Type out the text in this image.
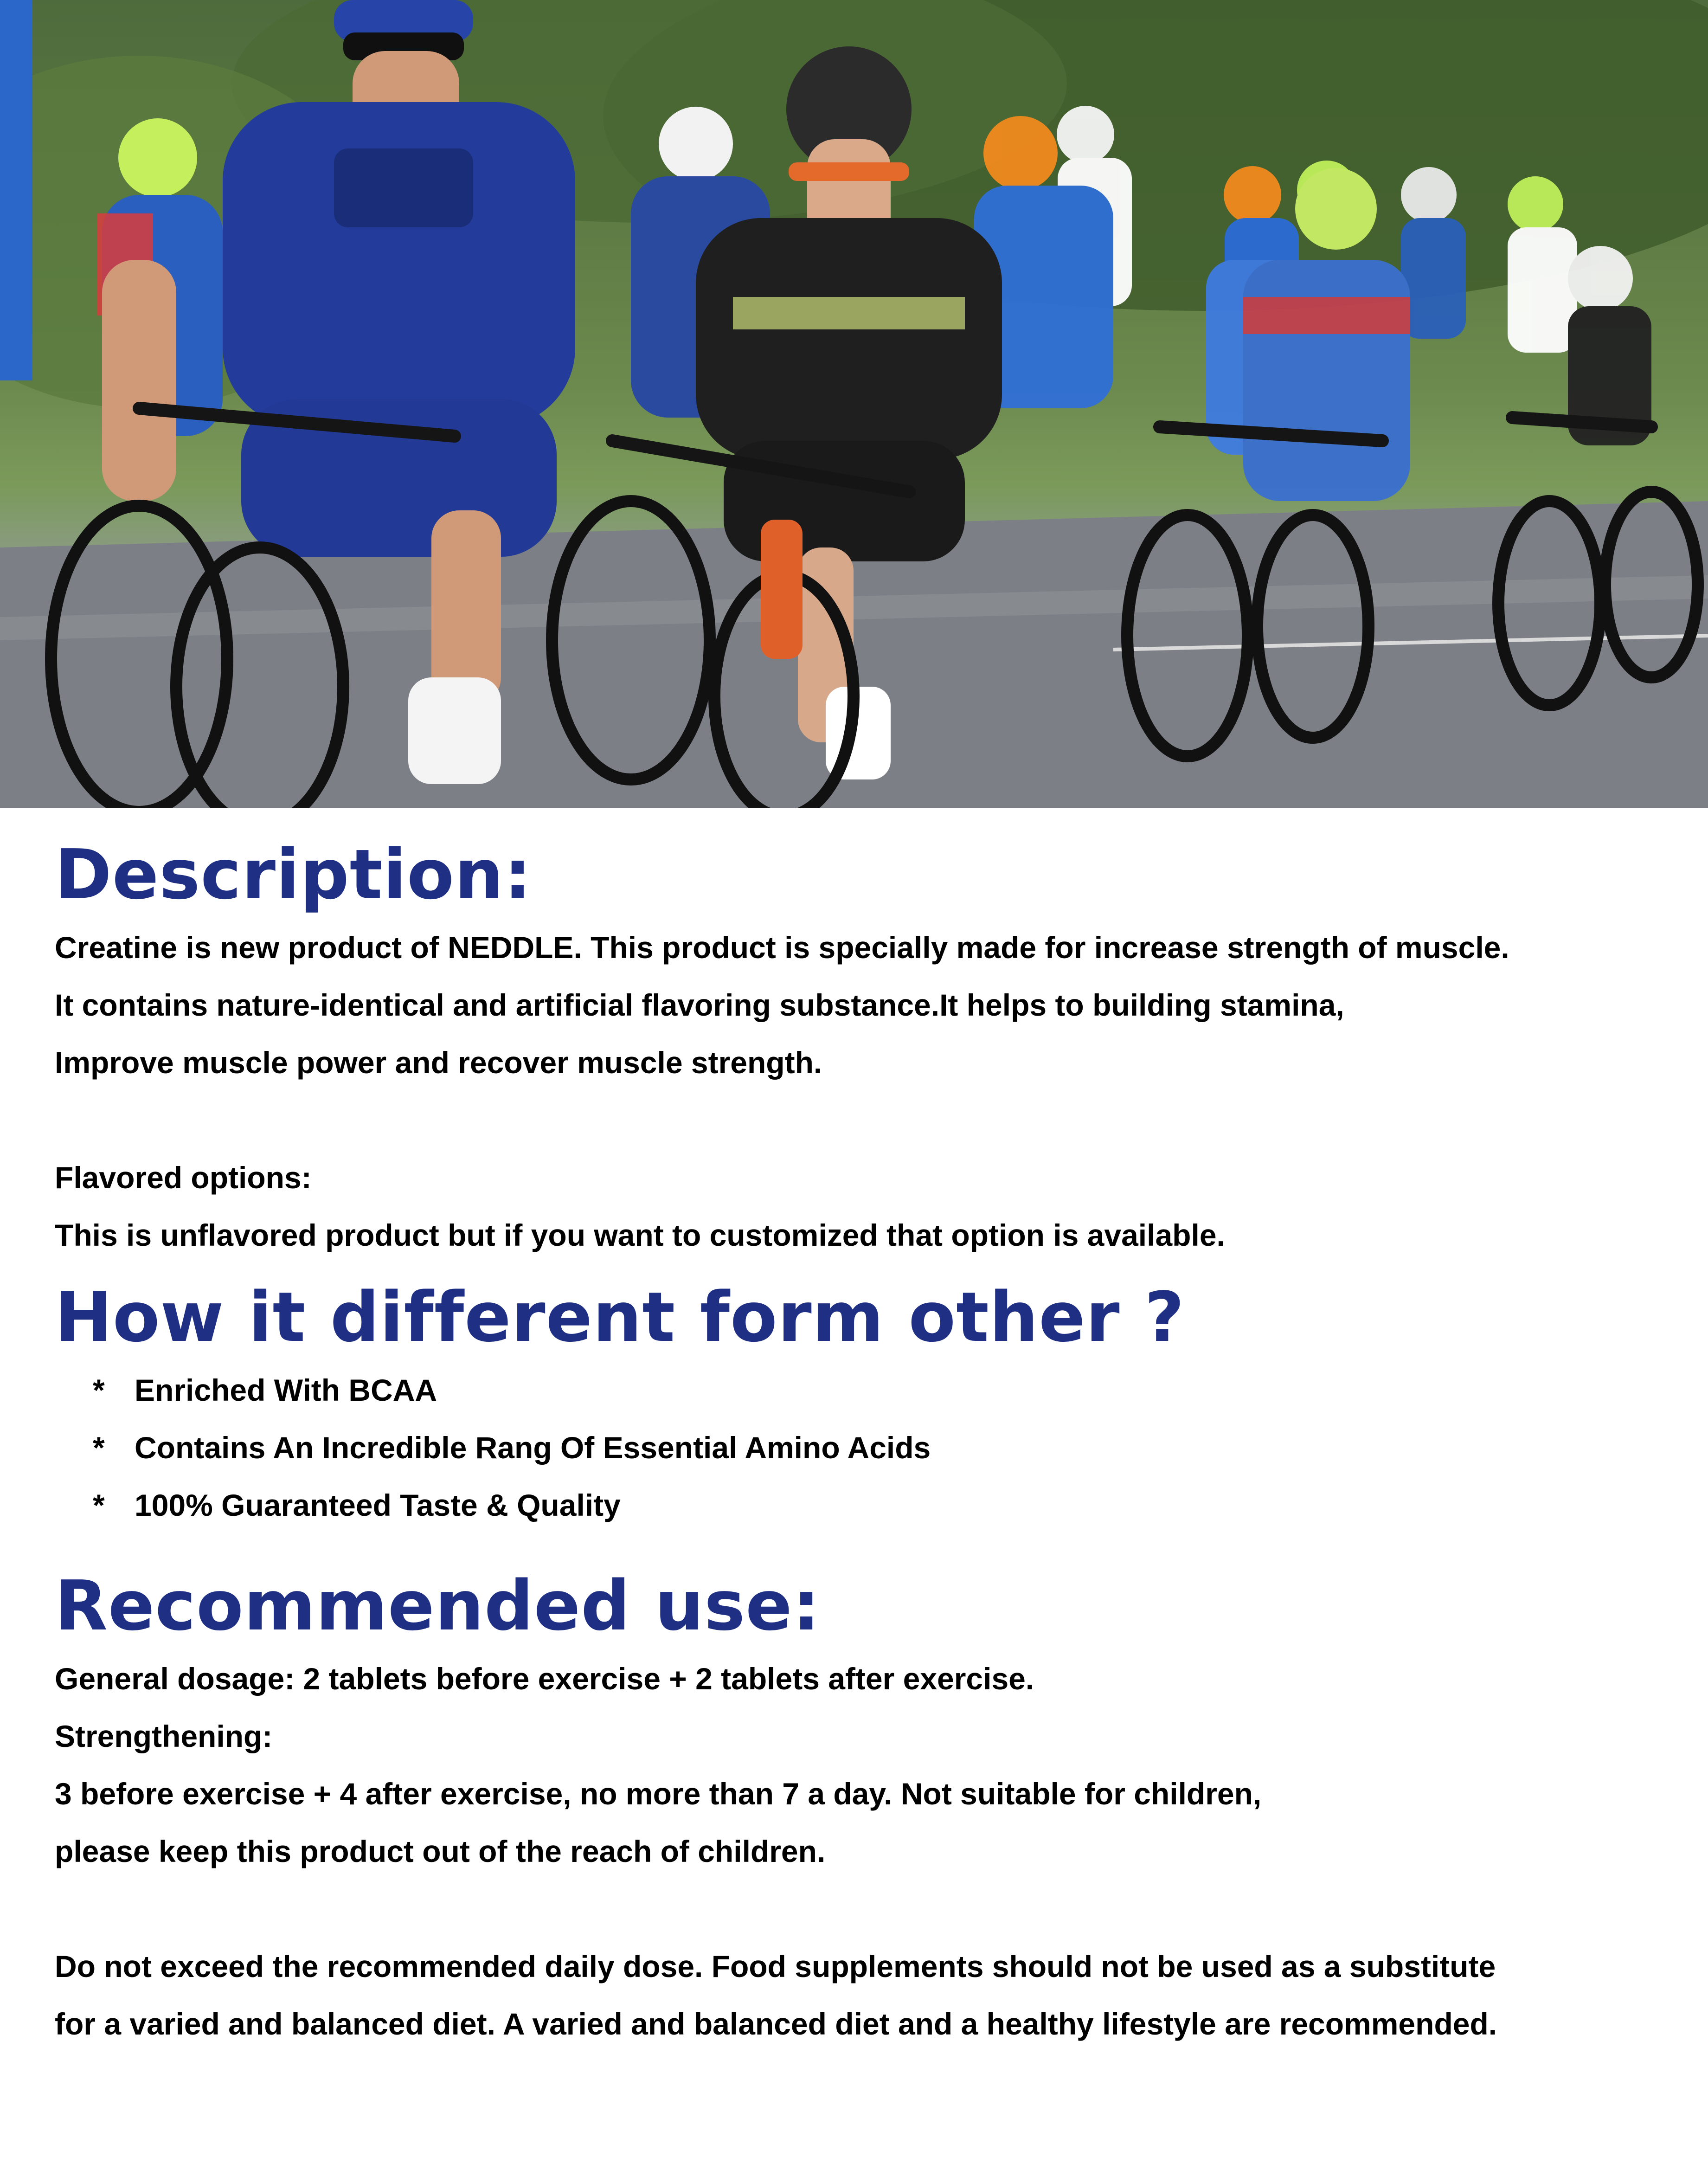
Description:

Creatine is new product of NEDDLE. This product is specially made for increase strength of muscle.

It contains nature-identical and artificial flavoring substance.It helps to building stamina,

Improve muscle power and recover muscle strength.

Flavored options:

This is unflavored product but if you want to customized that option is available.

How it different form other ?
* Enriched With BCAA
* Contains An Incredible Rang Of Essential Amino Acids
* 100% Guaranteed Taste & Quality
Recommended use:

General dosage: 2 tablets before exercise + 2 tablets after exercise.

Strengthening:

3 before exercise + 4 after exercise, no more than 7 a day. Not suitable for children,

please keep this product out of the reach of children.

Do not exceed the recommended daily dose. Food supplements should not be used as a substitute

for a varied and balanced diet. A varied and balanced diet and a healthy lifestyle are recommended.
